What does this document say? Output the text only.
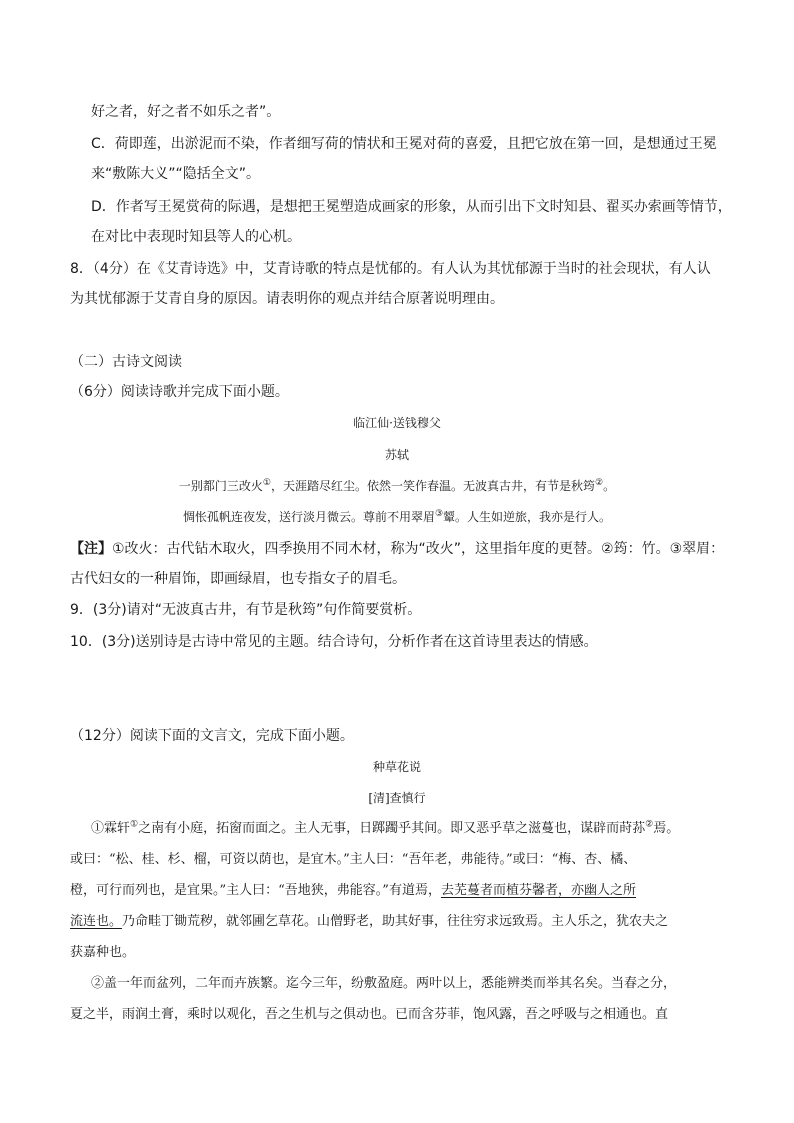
好之者，好之者不如乐之者”。
C．荷即莲，出淤泥而不染，作者细写荷的情状和王冕对荷的喜爱，且把它放在第一回，是想通过王冕
来“敷陈大义”“隐括全文”。
D．作者写王冕赏荷的际遇，是想把王冕塑造成画家的形象，从而引出下文时知县、翟买办索画等情节，
在对比中表现时知县等人的心机。
8．（4分）在《艾青诗选》中，艾青诗歌的特点是忧郁的。有人认为其忧郁源于当时的社会现状，有人认
为其忧郁源于艾青自身的原因。请表明你的观点并结合原著说明理由。
（二）古诗文阅读
（6分）阅读诗歌并完成下面小题。
临江仙·送钱穆父
苏轼
一别都门三改火①，天涯踏尽红尘。依然一笑作春温。无波真古井，有节是秋筠②。
惆怅孤帆连夜发，送行淡月微云。尊前不用翠眉③颦。人生如逆旅，我亦是行人。
【注】①改火：古代钻木取火，四季换用不同木材，称为“改火”，这里指年度的更替。②筠：竹。③翠眉：
古代妇女的一种眉饰，即画绿眉，也专指女子的眉毛。
9．(3分)请对“无波真古井，有节是秋筠”句作简要赏析。
10．(3分)送别诗是古诗中常见的主题。结合诗句，分析作者在这首诗里表达的情感。
（12分）阅读下面的文言文，完成下面小题。
种草花说
[清]查慎行
①霖轩①之南有小庭，拓窗而面之。主人无事，日踯躅乎其间。即又恶乎草之滋蔓也，谋辟而莳荪②焉。
或曰：“松、桂、杉、榴，可资以荫也，是宜木。”主人曰：“吾年老，弗能待。”或曰：“梅、杏、橘、
橙，可行而列也，是宜果。”主人曰：“吾地狭，弗能容。”有道焉，去芜蔓者而植芬馨者，亦幽人之所
流连也。乃命畦丁锄荒秽，就邻圃乞草花。山僧野老，助其好事，往往穷求远致焉。主人乐之，犹农夫之
获嘉种也。
②盖一年而盆列，二年而卉族繁。迄今三年，纷敷盈庭。两叶以上，悉能辨类而举其名矣。当春之分，
夏之半，雨润土膏，乘时以观化，吾之生机与之俱动也。已而含芬菲，饱风露，吾之呼吸与之相通也。直
